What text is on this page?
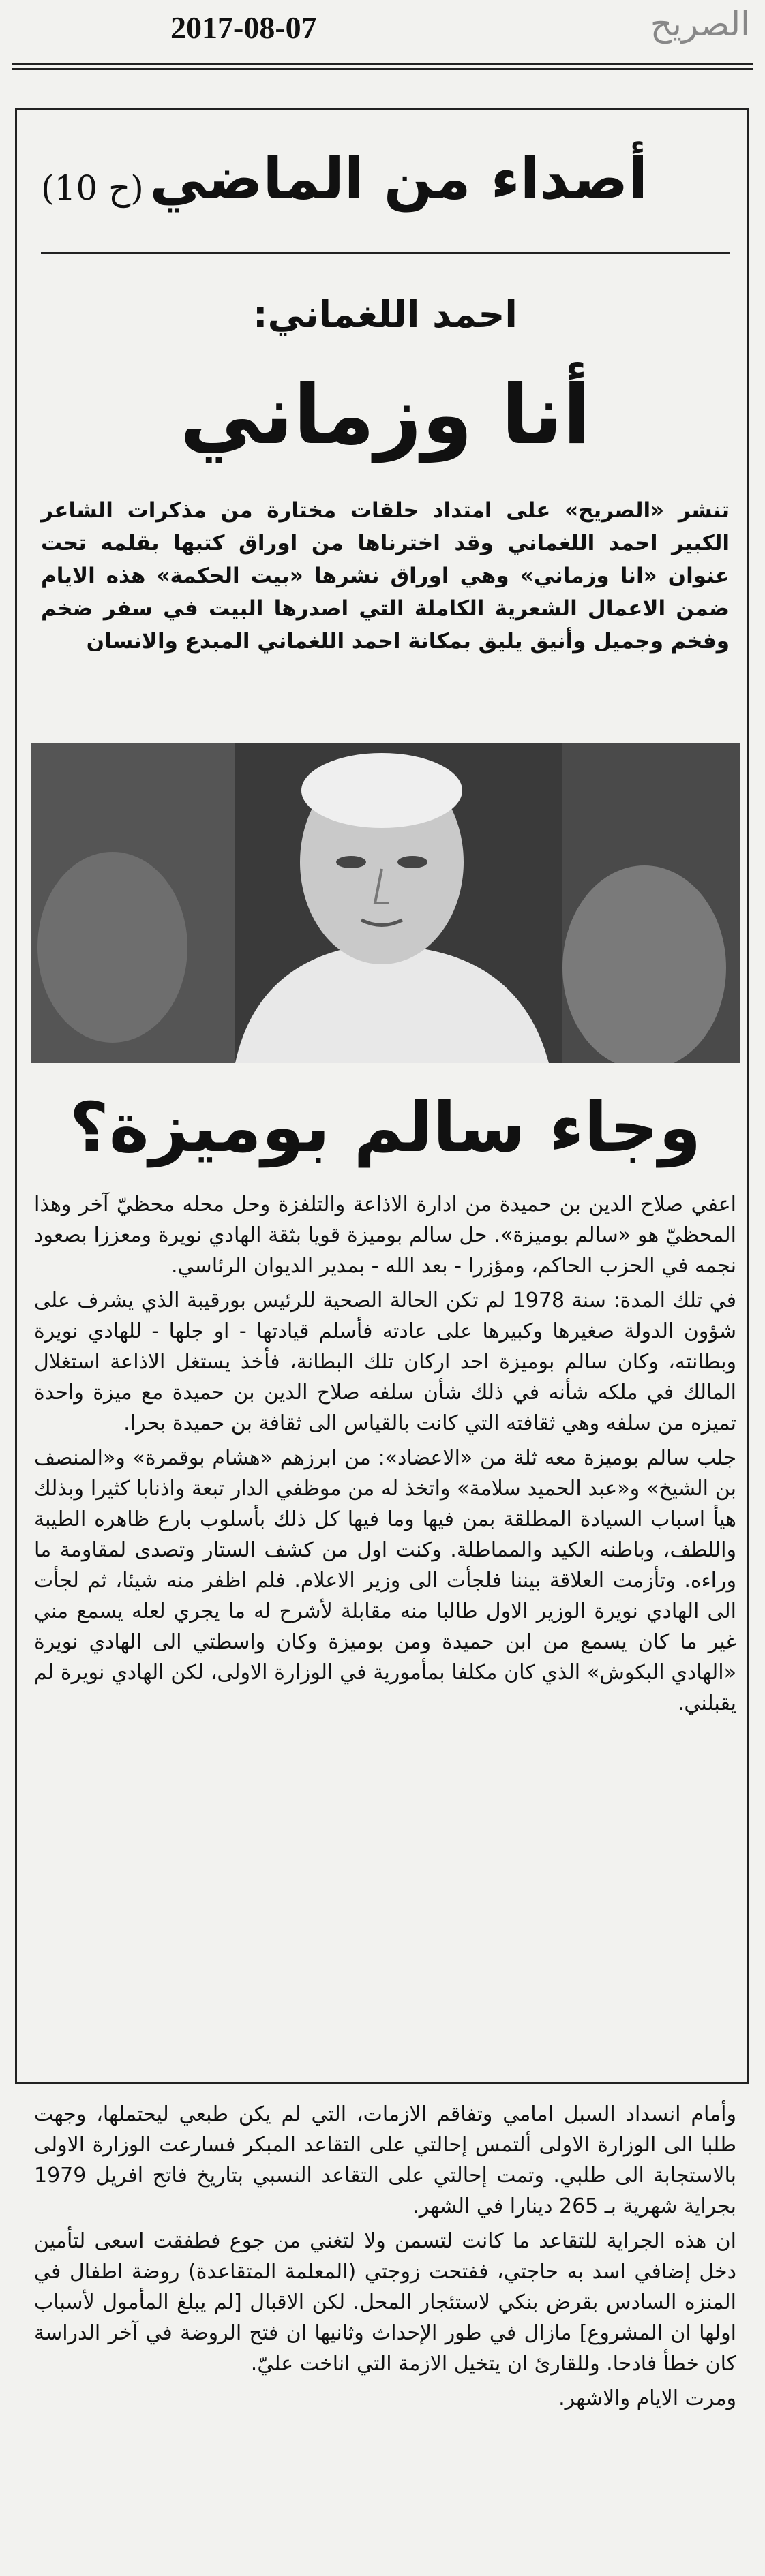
2017-08-07	الصريح
أصداء من الماضي
(ح 10)
احمد اللغماني:
أنا وزماني
تنشر «الصريح» على امتداد حلقات مختارة من مذكرات الشاعر الكبير احمد اللغماني وقد اخترناها من اوراق كتبها بقلمه تحت عنوان «انا وزماني» وهي اوراق نشرها «بيت الحكمة» هذه الايام ضمن الاعمال الشعرية الكاملة التي اصدرها البيت في سفر ضخم وفخم وجميل وأنيق يليق بمكانة احمد اللغماني المبدع والانسان
وجاء سالم بوميزة؟

اعفي صلاح الدين بن حميدة من ادارة الاذاعة والتلفزة وحل محله محظيّ آخر وهذا المحظيّ هو «سالم بوميزة». حل سالم بوميزة قويا بثقة الهادي نويرة ومعززا بصعود نجمه في الحزب الحاكم، ومؤزرا - بعد الله - بمدير الديوان الرئاسي.

في تلك المدة: سنة 1978 لم تكن الحالة الصحية للرئيس بورقيبة الذي يشرف على شؤون الدولة صغيرها وكبيرها على عادته فأسلم قيادتها - او جلها - للهادي نويرة وبطانته، وكان سالم بوميزة احد اركان تلك البطانة، فأخذ يستغل الاذاعة استغلال المالك في ملكه شأنه في ذلك شأن سلفه صلاح الدين بن حميدة مع ميزة واحدة تميزه من سلفه وهي ثقافته التي كانت بالقياس الى ثقافة بن حميدة بحرا.

جلب سالم بوميزة معه ثلة من «الاعضاد»: من ابرزهم «هشام بوقمرة» و«المنصف بن الشيخ» و«عبد الحميد سلامة» واتخذ له من موظفي الدار تبعة واذنابا كثيرا وبذلك هيأ اسباب السيادة المطلقة بمن فيها وما فيها كل ذلك بأسلوب بارع ظاهره الطيبة واللطف، وباطنه الكيد والمماطلة. وكنت اول من كشف الستار وتصدى لمقاومة ما وراءه. وتأزمت العلاقة بيننا فلجأت الى وزير الاعلام. فلم اظفر منه شيئا، ثم لجأت الى الهادي نويرة الوزير الاول طالبا منه مقابلة لأشرح له ما يجري لعله يسمع مني غير ما كان يسمع من ابن حميدة ومن بوميزة وكان واسطتي الى الهادي نويرة «الهادي البكوش» الذي كان مكلفا بمأمورية في الوزارة الاولى، لكن الهادي نويرة لم يقبلني.

وأمام انسداد السبل امامي وتفاقم الازمات، التي لم يكن طبعي ليحتملها، وجهت طلبا الى الوزارة الاولى ألتمس إحالتي على التقاعد المبكر فسارعت الوزارة الاولى بالاستجابة الى طلبي. وتمت إحالتي على التقاعد النسبي بتاريخ فاتح افريل 1979 بجراية شهرية بـ 265 دينارا في الشهر.

ان هذه الجراية للتقاعد ما كانت لتسمن ولا لتغني من جوع فطفقت اسعى لتأمين دخل إضافي اسد به حاجتي، ففتحت زوجتي (المعلمة المتقاعدة) روضة اطفال في المنزه السادس بقرض بنكي لاستئجار المحل. لكن الاقبال [لم يبلغ المأمول لأسباب اولها ان المشروع] مازال في طور الإحداث وثانيها ان فتح الروضة في آخر الدراسة كان خطأ فادحا. وللقارئ ان يتخيل الازمة التي اناخت عليّ.

ومرت الايام والاشهر.
